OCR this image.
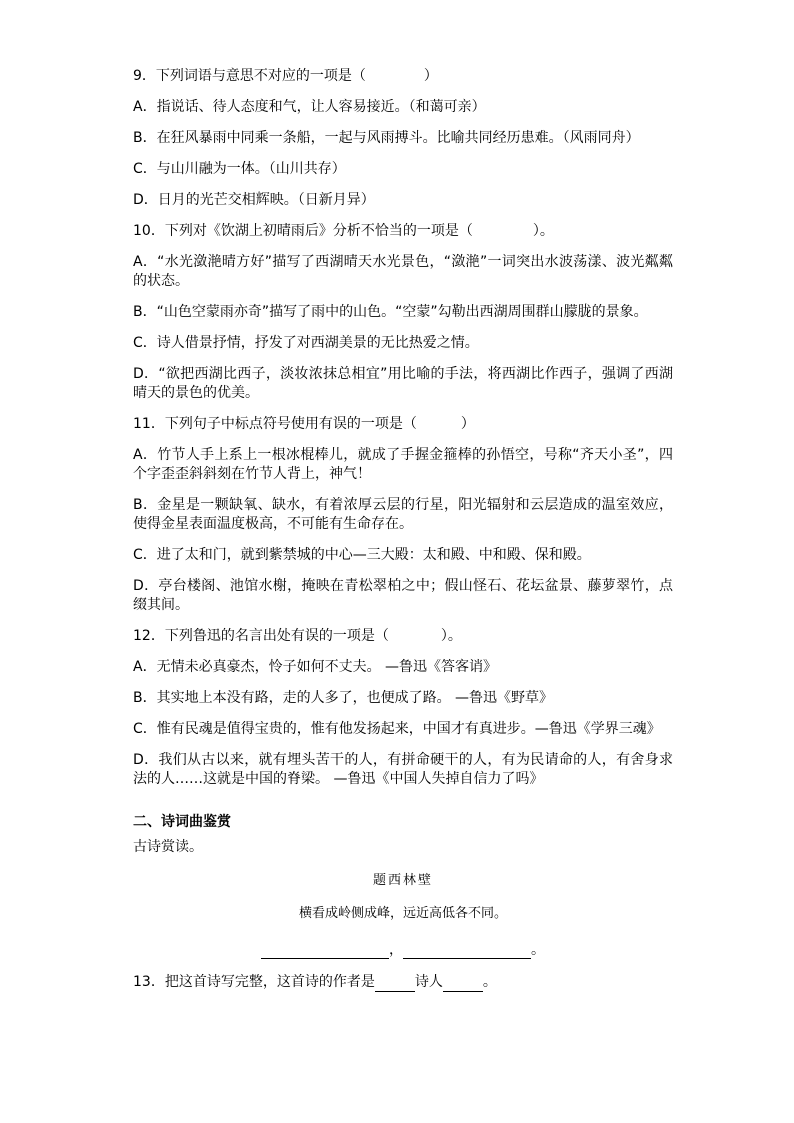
9．下列词语与意思不对应的一项是（	）
A．指说话、待人态度和气，让人容易接近。（和蔼可亲）
B．在狂风暴雨中同乘一条船，一起与风雨搏斗。比喻共同经历患难。（风雨同舟）
C．与山川融为一体。（山川共存）
D．日月的光芒交相辉映。（日新月异）
10．下列对《饮湖上初晴雨后》分析不恰当的一项是（	）。
A．“水光潋滟晴方好”描写了西湖晴天水光景色，“潋滟”一词突出水波荡漾、波光粼粼的状态。
B．“山色空蒙雨亦奇”描写了雨中的山色。“空蒙”勾勒出西湖周围群山朦胧的景象。
C．诗人借景抒情，抒发了对西湖美景的无比热爱之情。
D．“欲把西湖比西子，淡妆浓抹总相宜”用比喻的手法，将西湖比作西子，强调了西湖晴天的景色的优美。
11．下列句子中标点符号使用有误的一项是（	）
A．竹节人手上系上一根冰棍棒儿，就成了手握金箍棒的孙悟空，号称“齐天小圣”，四个字歪歪斜斜刻在竹节人背上，神气！
B．金星是一颗缺氧、缺水，有着浓厚云层的行星，阳光辐射和云层造成的温室效应，使得金星表面温度极高，不可能有生命存在。
C．进了太和门，就到紫禁城的中心—三大殿：太和殿、中和殿、保和殿。
D．亭台楼阁、池馆水榭，掩映在青松翠柏之中；假山怪石、花坛盆景、藤萝翠竹，点缀其间。
12．下列鲁迅的名言出处有误的一项是（	）。
A．无情未必真豪杰，怜子如何不丈夫。 —鲁迅《答客诮》
B．其实地上本没有路，走的人多了，也便成了路。 —鲁迅《野草》
C．惟有民魂是值得宝贵的，惟有他发扬起来，中国才有真进步。—鲁迅《学界三魂》
D．我们从古以来，就有埋头苦干的人，有拼命硬干的人，有为民请命的人，有舍身求法的人……这就是中国的脊梁。 —鲁迅《中国人失掉自信力了吗》
二、诗词曲鉴赏
古诗赏读。
题西林壁
横看成岭侧成峰，远近高低各不同。
，	。
13．把这首诗写完整，这首诗的作者是	诗人	。
